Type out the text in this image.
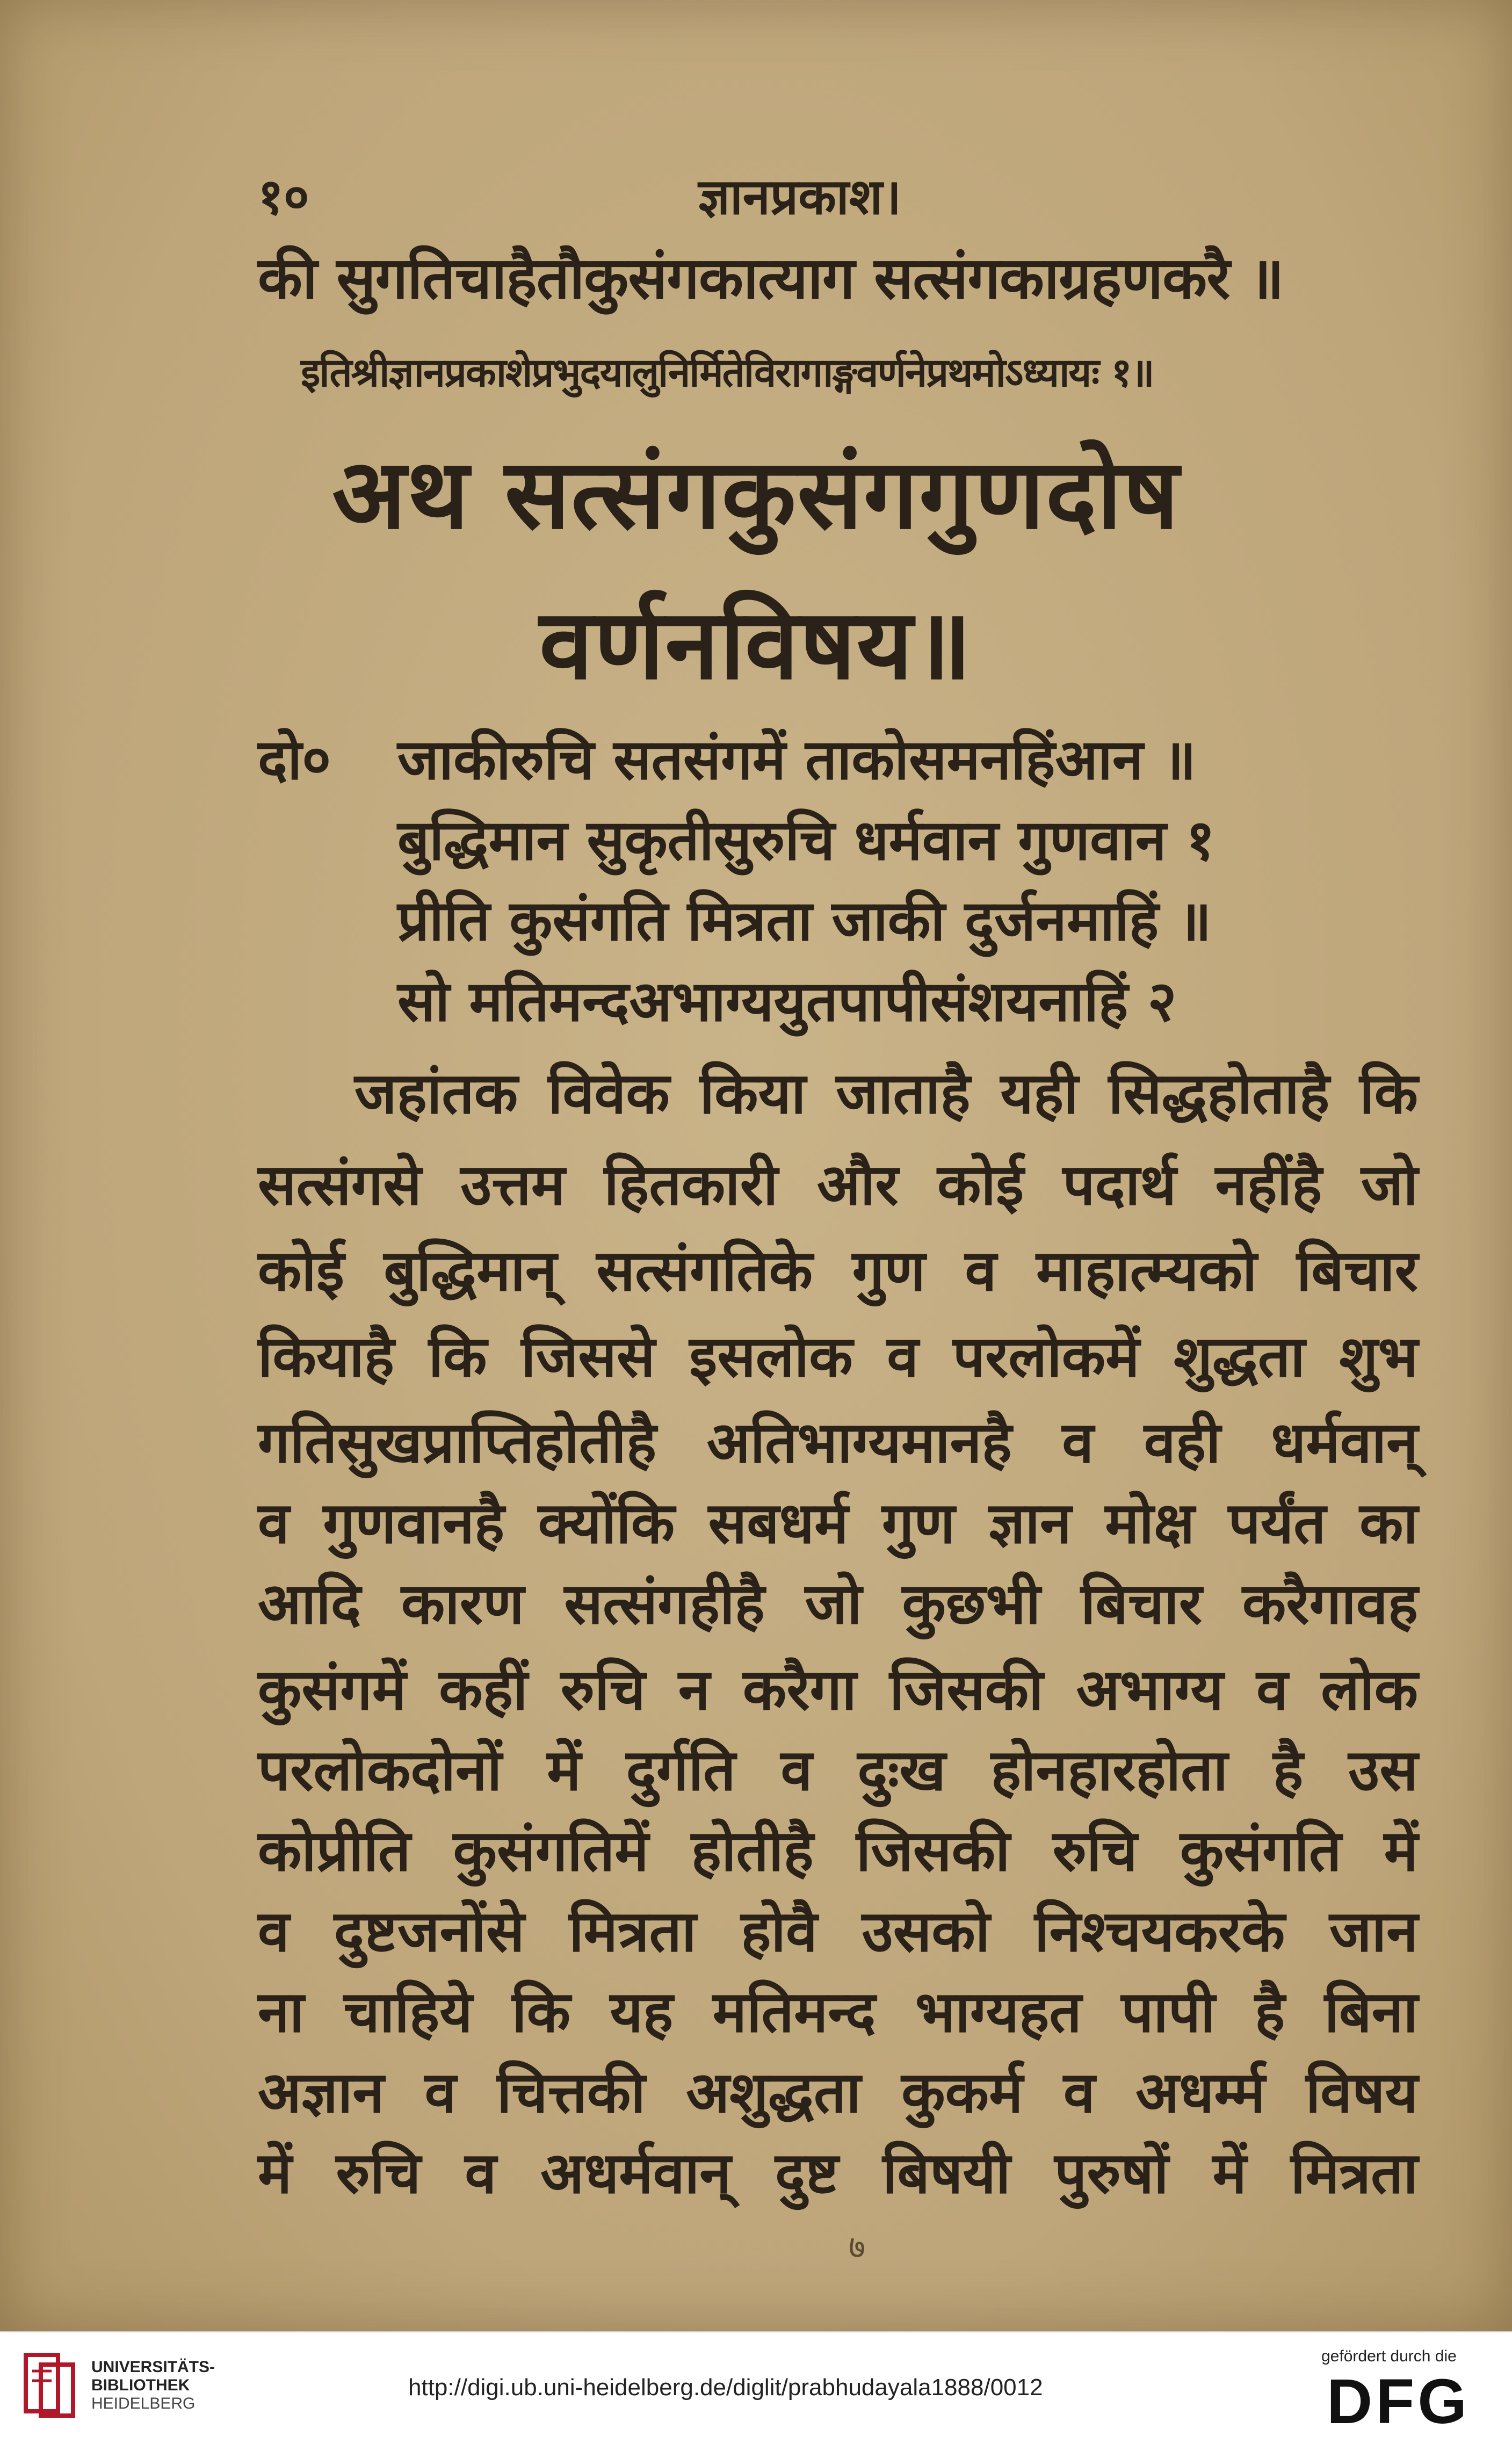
१०	ज्ञानप्रकाश।
की सुगतिचाहैतौकुसंगकात्याग सत्संगकाग्रहणकरै ॥
इतिश्रीज्ञानप्रकाशेप्रभुदयालुनिर्मितेविरागाङ्गवर्णनेप्रथमोऽध्यायः १॥
अथ सत्संगकुसंगगुणदोष
वर्णनविषय॥
दो० जाकीरुचि सतसंगमें ताकोसमनहिंआन ॥
बुद्धिमान सुकृतीसुरुचि धर्मवान गुणवान १
प्रीति कुसंगति मित्रता जाकी दुर्जनमाहिं ॥
सो मतिमन्दअभाग्ययुतपापीसंशयनाहिं २
जहांतक विवेक किया जाताहै यही सिद्धहोताहै कि
सत्संगसे उत्तम हितकारी और कोई पदार्थ नहींहै जो
कोई बुद्धिमान् सत्संगतिके गुण व माहात्म्यको बिचार
कियाहै कि जिससे इसलोक व परलोकमें शुद्धता शुभ
गतिसुखप्राप्तिहोतीहै अतिभाग्यमानहै व वही धर्मवान्
व गुणवानहै क्योंकि सबधर्म गुण ज्ञान मोक्ष पर्यंत का
आदि कारण सत्संगहीहै जो कुछभी बिचार करैगावह
कुसंगमें कहीं रुचि न करैगा जिसकी अभाग्य व लोक
परलोकदोनों में दुर्गति व दुःख होनहारहोता है उस
कोप्रीति कुसंगतिमें होतीहै जिसकी रुचि कुसंगति में
व दुष्टजनोंसे मित्रता होवै उसको निश्चयकरके जान
ना चाहिये कि यह मतिमन्द भाग्यहत पापी है बिना
अज्ञान व चित्तकी अशुद्धता कुकर्म व अधर्म्म विषय
में रुचि व अधर्मवान् दुष्ट बिषयी पुरुषों में मित्रता
७
UNIVERSITÄTS-
BIBLIOTHEK
HEIDELBERG
http://digi.ub.uni-heidelberg.de/diglit/prabhudayala1888/0012
gefördert durch die
DFG
